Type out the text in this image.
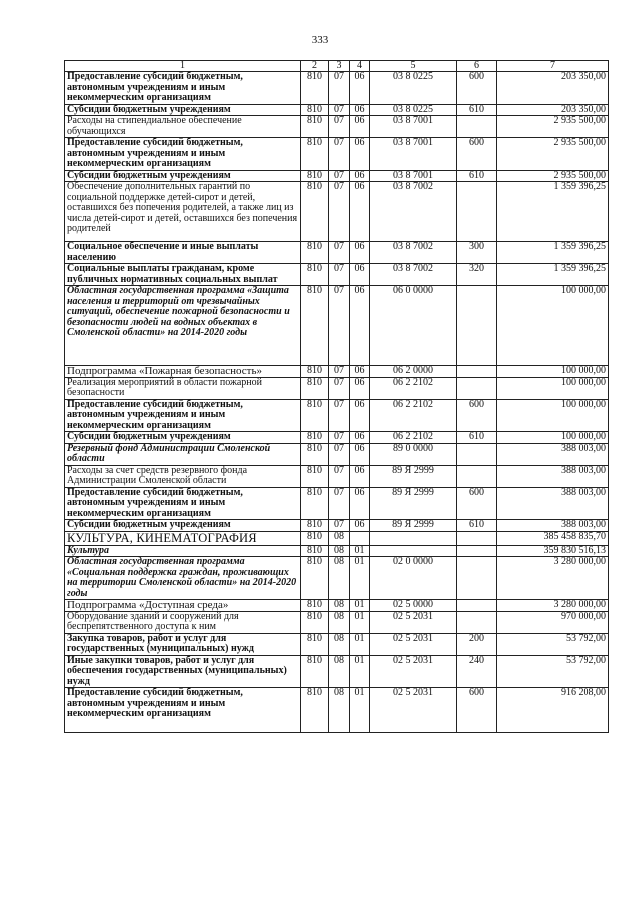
333
1	2	3	4	5	6	7
Предоставление субсидий бюджетным, автономным учреждениям и иным некоммерческим организациям	810	07	06	03 8 0225	600	203 350,00
Субсидии бюджетным учреждениям	810	07	06	03 8 0225	610	203 350,00
Расходы на стипендиальное обеспечение обучающихся	810	07	06	03 8 7001		2 935 500,00
Предоставление субсидий бюджетным, автономным учреждениям и иным некоммерческим организациям	810	07	06	03 8 7001	600	2 935 500,00
Субсидии бюджетным учреждениям	810	07	06	03 8 7001	610	2 935 500,00
Обеспечение дополнительных гарантий по социальной поддержке детей-сирот и детей, оставшихся без попечения родителей, а также лиц из числа детей-сирот и детей, оставшихся без попечения родителей	810	07	06	03 8 7002		1 359 396,25
Социальное обеспечение и иные выплаты населению	810	07	06	03 8 7002	300	1 359 396,25
Социальные выплаты гражданам, кроме публичных нормативных социальных выплат	810	07	06	03 8 7002	320	1 359 396,25
Областная государственная программа «Защита населения и территорий от чрезвычайных ситуаций, обеспечение пожарной безопасности и безопасности людей на водных объектах в Смоленской области» на 2014-2020 годы	810	07	06	06 0 0000		100 000,00
Подпрограмма «Пожарная безопасность»	810	07	06	06 2 0000		100 000,00
Реализация мероприятий в области пожарной безопасности	810	07	06	06 2 2102		100 000,00
Предоставление субсидий бюджетным, автономным учреждениям и иным некоммерческим организациям	810	07	06	06 2 2102	600	100 000,00
Субсидии бюджетным учреждениям	810	07	06	06 2 2102	610	100 000,00
Резервный фонд Администрации Смоленской области	810	07	06	89 0 0000		388 003,00
Расходы за счет средств резервного фонда Администрации Смоленской области	810	07	06	89 Я 2999		388 003,00
Предоставление субсидий бюджетным, автономным учреждениям и иным некоммерческим организациям	810	07	06	89 Я 2999	600	388 003,00
Субсидии бюджетным учреждениям	810	07	06	89 Я 2999	610	388 003,00
КУЛЬТУРА, КИНЕМАТОГРАФИЯ	810	08				385 458 835,70
Культура	810	08	01			359 830 516,13
Областная государственная программа «Социальная поддержка граждан, проживающих на территории Смоленской области» на 2014-2020 годы	810	08	01	02 0 0000		3 280 000,00
Подпрограмма «Доступная среда»	810	08	01	02 5 0000		3 280 000,00
Оборудование зданий и сооружений для беспрепятственного доступа к ним	810	08	01	02 5 2031		970 000,00
Закупка товаров, работ и услуг для государственных (муниципальных) нужд	810	08	01	02 5 2031	200	53 792,00
Иные закупки товаров, работ и услуг для обеспечения государственных (муниципальных) нужд	810	08	01	02 5 2031	240	53 792,00
Предоставление субсидий бюджетным, автономным учреждениям и иным некоммерческим организациям	810	08	01	02 5 2031	600	916 208,00
